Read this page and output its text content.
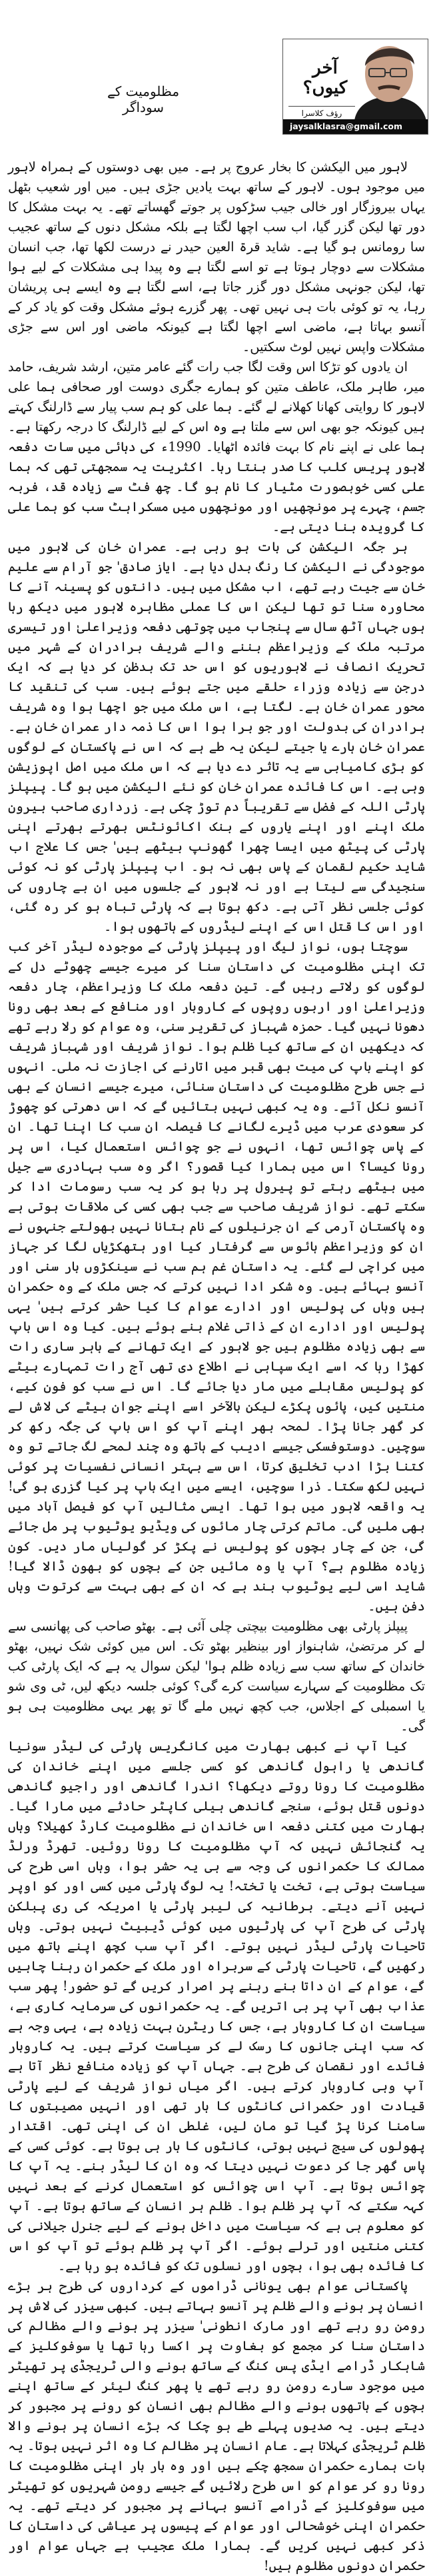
آخر کیوں؟
رؤف کلاسرا
jaysalklasra@gmail.com
مظلومیت کے سوداگر

لاہور میں الیکشن کا بخار عروج پر ہے۔ میں بھی دوستوں کے ہمراہ لاہور میں موجود ہوں۔ لاہور کے ساتھ بہت یادیں جڑی ہیں۔ میں اور شعیب بٹھل یہاں بیروزگار اور خالی جیب سڑکوں پر جوتے گھساتے تھے۔ یہ بہت مشکل کا دور تھا لیکن گزر گیا، اب سب اچھا لگتا ہے بلکہ مشکل دنوں کے ساتھ عجیب سا رومانس ہو گیا ہے۔ شاید قرۃ العین حیدر نے درست لکھا تھا، جب انسان مشکلات سے دوچار ہوتا ہے تو اسے لگتا ہے وہ پیدا ہی مشکلات کے لیے ہوا تھا، لیکن جونہی مشکل دور گزر جاتا ہے، اسے لگتا ہے وہ ایسے ہی پریشان رہا، یہ تو کوئی بات ہی نہیں تھی۔ پھر گزرے ہوئے مشکل وقت کو یاد کر کے آنسو بہاتا ہے، ماضی اسے اچھا لگتا ہے کیونکہ ماضی اور اس سے جڑی مشکلات واپس نہیں لوٹ سکتیں۔

ان یادوں کو تڑکا اس وقت لگا جب رات گئے عامر متین، ارشد شریف، حامد میر، طاہر ملک، عاطف متین کو ہمارے جگری دوست اور صحافی ہما علی لاہور کا روایتی کھانا کھلانے لے گئے۔ ہما علی کو ہم سب پیار سے ڈارلنگ کہتے ہیں کیونکہ جو بھی اس سے ملتا ہے وہ اس کے لیے ڈارلنگ کا درجہ رکھتا ہے۔ ہما علی نے اپنے نام کا بہت فائدہ اٹھایا۔ 1990ء کی دہائی میں سات دفعہ لاہور پریس کلب کا صدر بنتا رہا۔ اکثریت یہ سمجھتی تھی کہ ہما علی کسی خوبصورت مٹیار کا نام ہو گا۔ چھ فٹ سے زیادہ قد، فربہ جسم، چہرے پر مونچھیں اور مونچھوں میں مسکراہٹ سب کو ہما علی کا گرویدہ بنا دیتی ہے۔

ہر جگہ الیکشن کی بات ہو رہی ہے۔ عمران خان کی لاہور میں موجودگی نے الیکشن کا رنگ بدل دیا ہے۔ ایاز صادق' جو آرام سے علیم خان سے جیت رہے تھے، اب مشکل میں ہیں۔ دانتوں کو پسینہ آنے کا محاورہ سنا تو تھا لیکن اس کا عملی مظاہرہ لاہور میں دیکھ رہا ہوں جہاں آٹھ سال سے پنجاب میں چوتھی دفعہ وزیراعلیٰ اور تیسری مرتبہ ملک کے وزیراعظم بننے والے شریف برادران کے شہر میں تحریک انصاف نے لاہوریوں کو اس حد تک بدظن کر دیا ہے کہ ایک درجن سے زیادہ وزراء حلقے میں جتے ہوئے ہیں۔ سب کی تنقید کا محور عمران خان ہے۔ لگتا ہے، اس ملک میں جو اچھا ہوا وہ شریف برادران کی بدولت اور جو برا ہوا اس کا ذمہ دار عمران خان ہے۔ عمران خان ہارے یا جیتے لیکن یہ طے ہے کہ اس نے پاکستان کے لوگوں کو بڑی کامیابی سے یہ تاثر دے دیا ہے کہ اس ملک میں اصل اپوزیشن وہی ہے۔ اس کا فائدہ عمران خان کو نئے الیکشن میں ہو گا۔ پیپلز پارٹی اللہ کے فضل سے تقریباً دم توڑ چکی ہے۔ زرداری صاحب بیرون ملک اپنے اور اپنے یاروں کے بنک اکائونٹس بھرتے بھرتے اپنی پارٹی کی پیٹھ میں ایسا چھرا گھونپ بیٹھے ہیں' جس کا علاج اب شاید حکیم لقمان کے پاس بھی نہ ہو۔ اب پیپلز پارٹی کو نہ کوئی سنجیدگی سے لیتا ہے اور نہ لاہور کے جلسوں میں ان بے چاروں کی کوئی جلسی نظر آتی ہے۔ دکھ ہوتا ہے کہ پارٹی تباہ ہو کر رہ گئی، اور اس کا قتل اس کے اپنے لیڈروں کے ہاتھوں ہوا۔

سوچتا ہوں، نواز لیگ اور پیپلز پارٹی کے موجودہ لیڈر آخر کب تک اپنی مظلومیت کی داستان سنا کر میرے جیسے چھوٹے دل کے لوگوں کو رلاتے رہیں گے۔ تین دفعہ ملک کا وزیراعظم، چار دفعہ وزیراعلیٰ اور اربوں روپوں کے کاروبار اور منافع کے بعد بھی رونا دھونا نہیں گیا۔ حمزہ شہباز کی تقریر سنی، وہ عوام کو رلا رہے تھے کہ دیکھیں ان کے ساتھ کیا ظلم ہوا۔ نواز شریف اور شہباز شریف کو اپنے باپ کی میت بھی قبر میں اتارنے کی اجازت نہ ملی۔ انہوں نے جس طرح مظلومیت کی داستان سنائی، میرے جیسے انسان کے بھی آنسو نکل آئے۔ وہ یہ کبھی نہیں بتائیں گے کہ اس دھرتی کو چھوڑ کر سعودی عرب میں ڈیرے لگانے کا فیصلہ ان سب کا اپنا تھا۔ ان کے پاس چوائس تھا، انہوں نے جو چوائس استعمال کیا، اس پر رونا کیسا؟ اس میں ہمارا کیا قصور؟ اگر وہ سب بہادری سے جیل میں بیٹھے رہتے تو پیرول پر رہا ہو کر یہ سب رسومات ادا کر سکتے تھے۔ نواز شریف صاحب سے جب بھی کسی کی ملاقات ہوتی ہے وہ پاکستان آرمی کے ان جرنیلوں کے نام بتانا نہیں بھولتے جنہوں نے ان کو وزیراعظم ہائوس سے گرفتار کیا اور ہتھکڑیاں لگا کر جہاز میں کراچی لے گئے۔ یہ داستانِ غم ہم سب نے سینکڑوں بار سنی اور آنسو بہائے ہیں۔ وہ شکر ادا نہیں کرتے کہ جس ملک کے وہ حکمران ہیں وہاں کی پولیس اور ادارے عوام کا کیا حشر کرتے ہیں' یہی پولیس اور ادارے ان کے ذاتی غلام بنے ہوئے ہیں۔ کیا وہ اس باپ سے بھی زیادہ مظلوم ہیں جو لاہور کے ایک تھانے کے باہر ساری رات کھڑا رہا کہ اسے ایک سپاہی نے اطلاع دی تھی آج رات تمہارے بیٹے کو پولیس مقابلے میں مار دیا جائے گا۔ اس نے سب کو فون کیے، منتیں کیں، پائوں پکڑے لیکن بالآخر اسے اپنے جوان بیٹے کی لاش لے کر گھر جانا پڑا۔ لمحہ بھر اپنے آپ کو اس باپ کی جگہ رکھ کر سوچیں۔ دوستوفسکی جیسے ادیب کے ہاتھ وہ چند لمحے لگ جاتے تو وہ کتنا بڑا ادب تخلیق کرتا، اس سے بہتر انسانی نفسیات پر کوئی نہیں لکھ سکتا۔ ذرا سوچیں، ایسے میں ایک باپ پر کیا گزری ہو گی! یہ واقعہ لاہور میں ہوا تھا۔ ایسی مثالیں آپ کو فیصل آباد میں بھی ملیں گی۔ ماتم کرتی چار مائوں کی ویڈیو یوٹیوب پر مل جائے گی، جن کے چار بچوں کو پولیس نے پکڑ کر گولیاں مار دیں۔ کون زیادہ مظلوم ہے؟ آپ یا وہ مائیں جن کے بچوں کو بھون ڈالا گیا! شاید اسی لیے یوٹیوب بند ہے کہ ان کے بھی بہت سے کرتوت وہاں دفن ہیں۔

پیپلز پارٹی بھی مظلومیت بیچتی چلی آئی ہے۔ بھٹو صاحب کی پھانسی سے لے کر مرتضیٰ، شاہنواز اور بینظیر بھٹو تک۔ اس میں کوئی شک نہیں، بھٹو خاندان کے ساتھ سب سے زیادہ ظلم ہوا' لیکن سوال یہ ہے کہ ایک پارٹی کب تک مظلومیت کے سہارے سیاست کرے گی؟ کوئی جلسہ دیکھ لیں، ٹی وی شو یا اسمبلی کے اجلاس، جب کچھ نہیں ملے گا تو پھر یہی مظلومیت ہی ہو گی۔

کیا آپ نے کبھی بھارت میں کانگریس پارٹی کی لیڈر سونیا گاندھی یا راہول گاندھی کو کسی جلسے میں اپنے خاندان کی مظلومیت کا رونا روتے دیکھا؟ اندرا گاندھی اور راجیو گاندھی دونوں قتل ہوئے، سنجے گاندھی ہیلی کاپٹر حادثے میں مارا گیا۔ بھارت میں کتنی دفعہ اس خاندان نے مظلومیت کارڈ کھیلا؟ وہاں یہ گنجائش نہیں کہ آپ مظلومیت کا رونا روئیں۔ تھرڈ ورلڈ ممالک کا حکمرانوں کی وجہ سے ہی یہ حشر ہوا، وہاں اسی طرح کی سیاست ہوتی ہے، تخت یا تختہ! یہ لوگ پارٹی میں کسی اور کو اوپر نہیں آنے دیتے۔ برطانیہ کی لیبر پارٹی یا امریکہ کی ری پبلکن پارٹی کی طرح آپ کی پارٹیوں میں کوئی ڈیبیٹ نہیں ہوتی۔ وہاں تاحیات پارٹی لیڈر نہیں ہوتے۔ اگر آپ سب کچھ اپنے ہاتھ میں رکھیں گے، تاحیات پارٹی کے سربراہ اور ملک کے حکمران رہنا چاہیں گے، عوام کے ان داتا بنے رہنے پر اصرار کریں گے تو حضور! پھر سب عذاب بھی آپ پر ہی اتریں گے۔ یہ حکمرانوں کی سرمایہ کاری ہے، سیاست ان کا کاروبار ہے، جس کا ریٹرن بہت زیادہ ہے، یہی وجہ ہے کہ سب اپنی جانوں کا رسک لے کر سیاست کرتے ہیں۔ یہ کاروبار فائدے اور نقصان کی طرح ہے۔ جہاں آپ کو زیادہ منافع نظر آتا ہے آپ وہی کاروبار کرتے ہیں۔ اگر میاں نواز شریف کے لیے پارٹی قیادت اور حکمرانی کانٹوں کا ہار تھی اور انہیں مصیبتوں کا سامنا کرنا پڑ گیا تو مان لیں، غلطی ان کی اپنی تھی۔ اقتدار پھولوں کی سیج نہیں ہوتی، کانٹوں کا ہار ہی ہوتا ہے۔ کوئی کسی کے پاس گھر جا کر دعوت نہیں دیتا کہ وہ ان کا لیڈر بنے۔ یہ آپ کا چوائس ہوتا ہے۔ آپ اس چوائس کو استعمال کرنے کے بعد نہیں کہہ سکتے کہ آپ پر ظلم ہوا۔ ظلم ہر انسان کے ساتھ ہوتا ہے۔ آپ کو معلوم ہی ہے کہ سیاست میں داخل ہونے کے لیے جنرل جیلانی کی کتنی منتیں اور ترلے ہوئے۔ اگر آپ پر ظلم ہوئے تو آپ کو اس کا فائدہ بھی ہوا، بچوں اور نسلوں تک کو فائدہ ہو رہا ہے۔

پاکستانی عوام بھی یونانی ڈراموں کے کرداروں کی طرح ہر بڑے انسان پر ہونے والے ظلم پر آنسو بہاتے ہیں۔ کبھی سیزر کی لاش پر رومن رو رہے تھے اور مارک انطونی' سیزر پر ہونے والے مظالم کی داستان سنا کر مجمع کو بغاوت پر اکسا رہا تھا یا سوفوکلیز کے شاہکار ڈرامے ایڈی پس کنگ کے ساتھ ہونے والی ٹریجڈی پر تھیٹر میں موجود سارے رومن رو رہے تھے یا پھر کنگ لیئر کے ساتھ اپنے بچوں کے ہاتھوں ہونے والے مظالم بھی انسان کو رونے پر مجبور کر دیتے ہیں۔ یہ صدیوں پہلے طے ہو چکا کہ بڑے انسان پر ہونے والا ظلم ٹریجڈی کہلاتا ہے۔ عام انسان پر مظالم کا وہ اثر نہیں ہوتا۔ یہ بات ہمارے حکمران سمجھ چکے ہیں اور وہ بار بار اپنی مظلومیت کا رونا رو کر عوام کو اس طرح رلائیں گے جیسے رومن شہریوں کو تھیٹر میں سوفوکلیز کے ڈرامے آنسو بہانے پر مجبور کر دیتے تھے۔ یہ حکمران اپنی خوشحالی اور عوام کے پیسوں پر عیاشی کی داستان کا ذکر کبھی نہیں کریں گے۔ ہمارا ملک عجیب ہے جہاں عوام اور حکمران دونوں مظلوم ہیں!
